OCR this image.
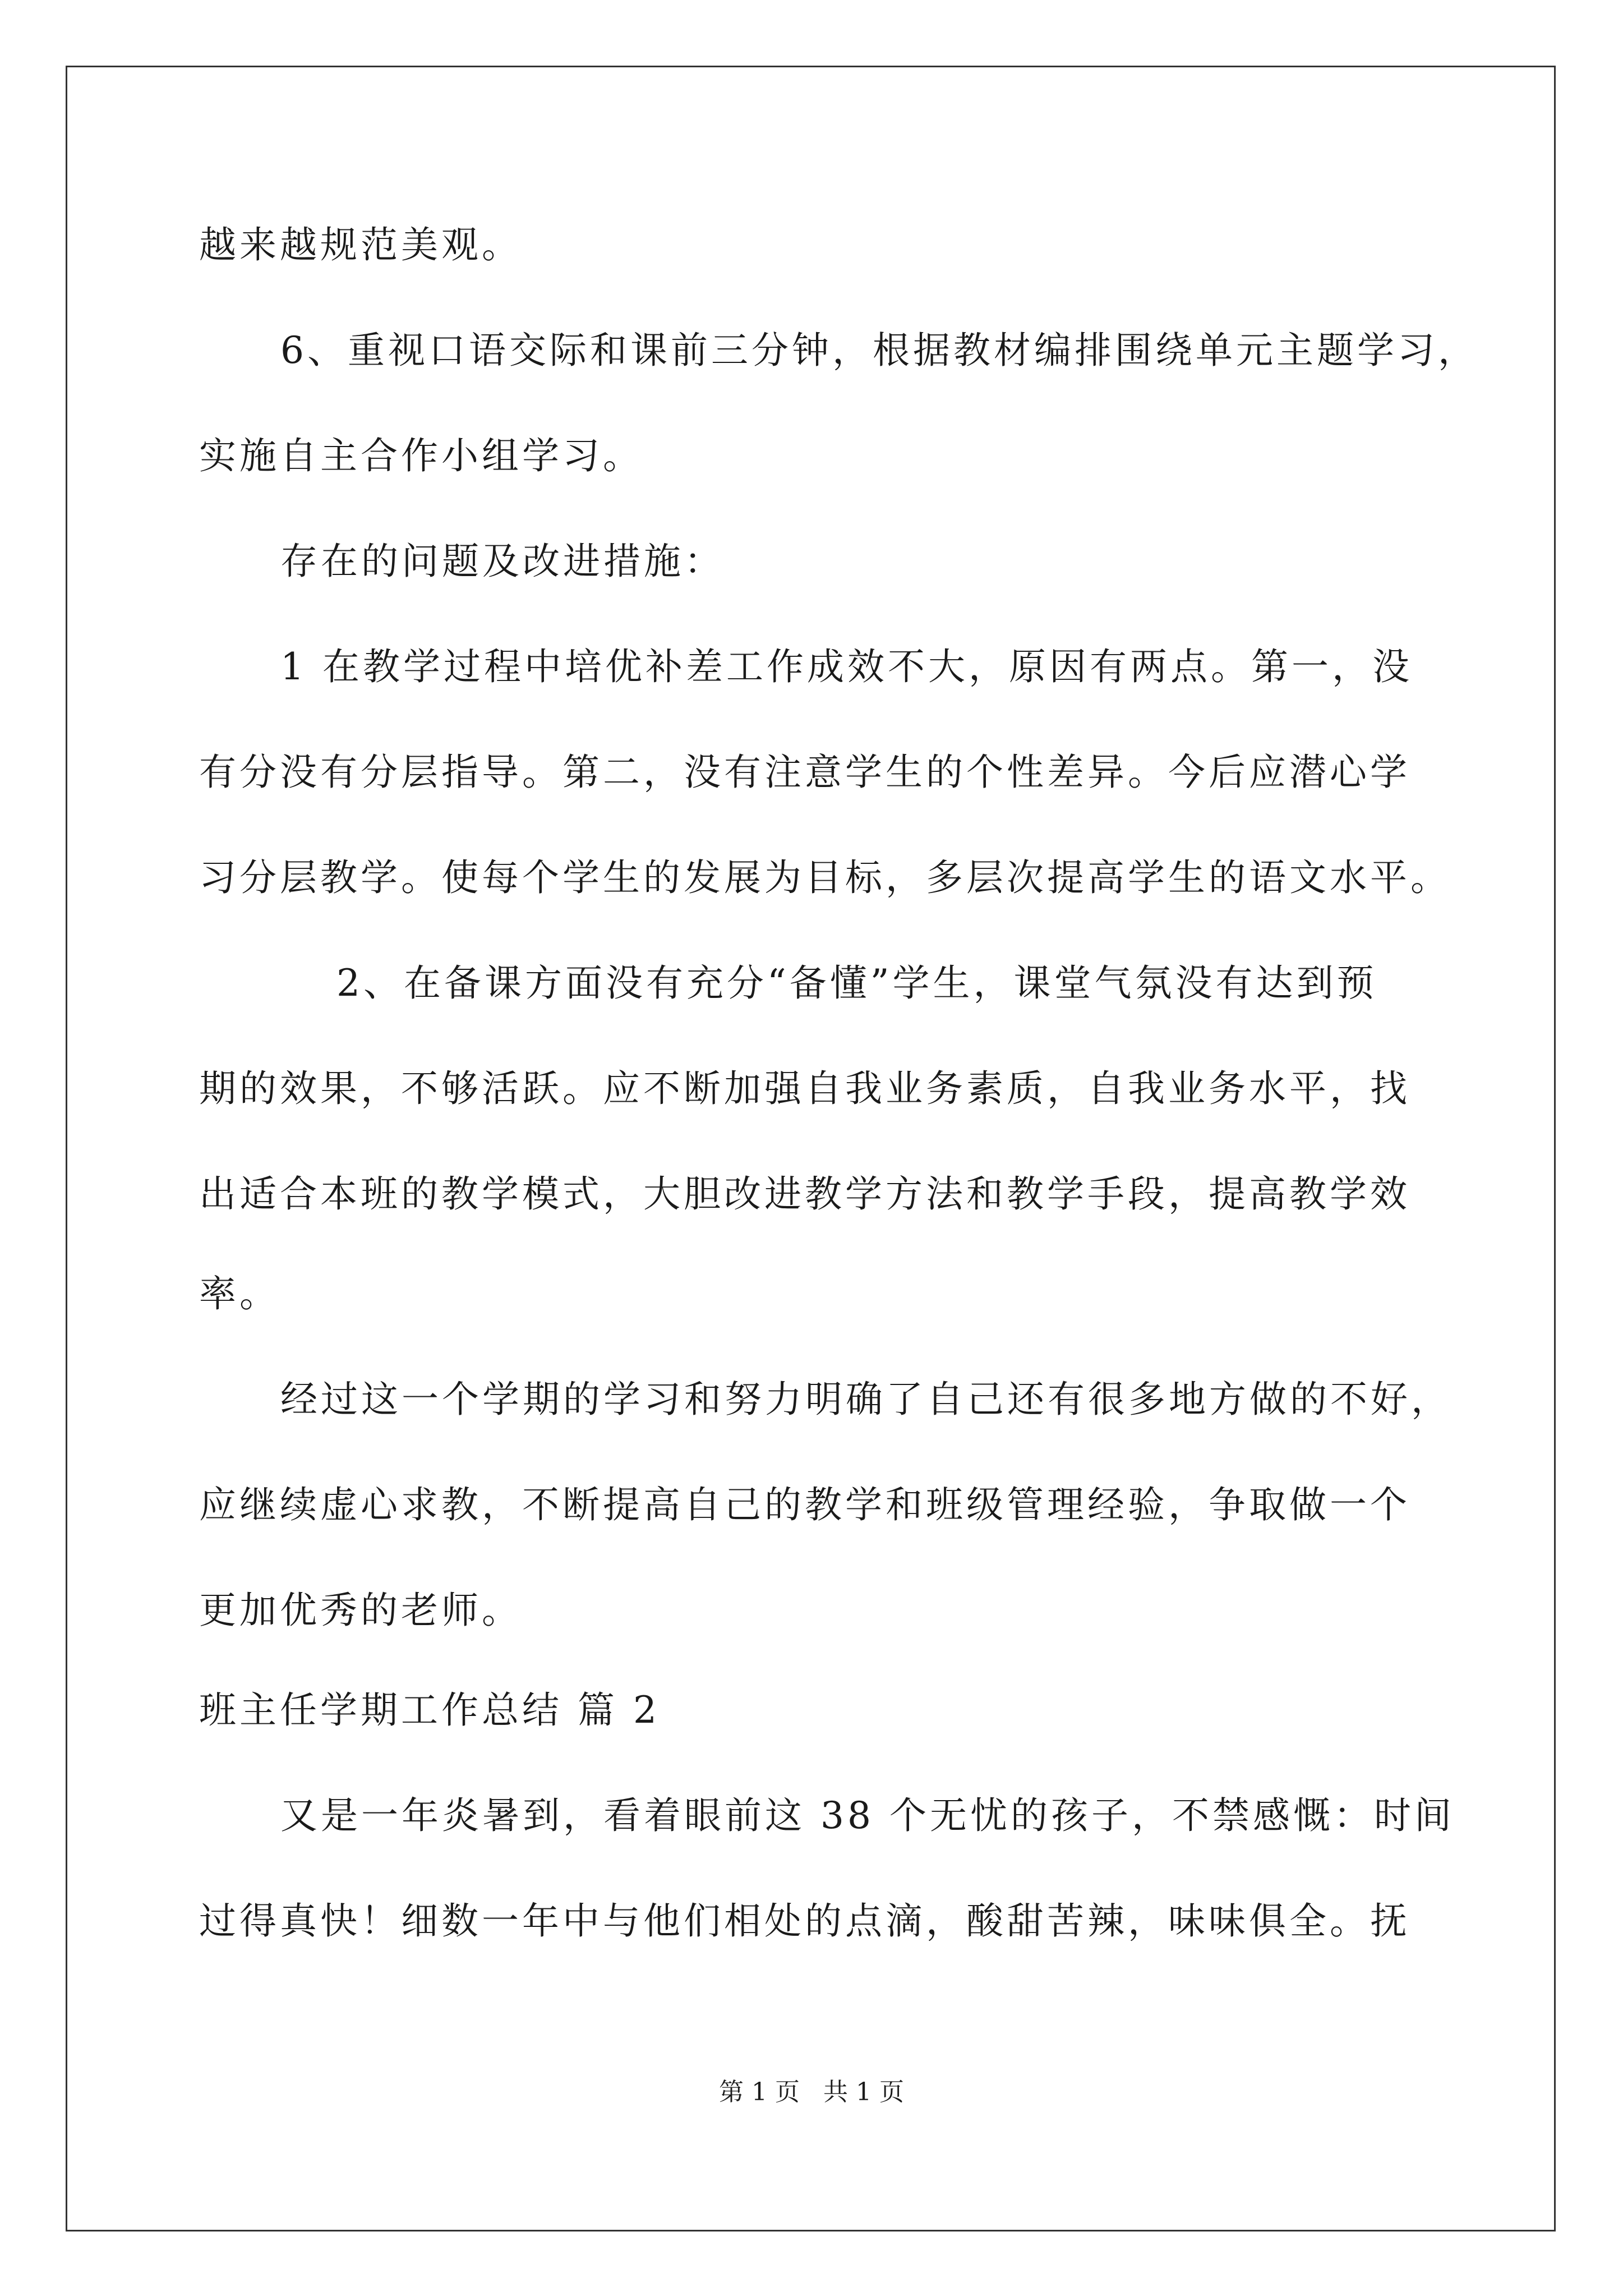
越来越规范美观。

6、重视口语交际和课前三分钟，根据教材编排围绕单元主题学习，

实施自主合作小组学习。

存在的问题及改进措施：

1 在教学过程中培优补差工作成效不大，原因有两点。第一，没

有分没有分层指导。第二，没有注意学生的个性差异。今后应潜心学

习分层教学。使每个学生的发展为目标，多层次提高学生的语文水平。

2、在备课方面没有充分“备懂”学生，课堂气氛没有达到预

期的效果，不够活跃。应不断加强自我业务素质，自我业务水平，找

出适合本班的教学模式，大胆改进教学方法和教学手段，提高教学效

率。

经过这一个学期的学习和努力明确了自己还有很多地方做的不好，

应继续虚心求教，不断提高自己的教学和班级管理经验，争取做一个

更加优秀的老师。

班主任学期工作总结 篇 2

又是一年炎暑到，看着眼前这 38 个无忧的孩子，不禁感慨：时间

过得真快！细数一年中与他们相处的点滴，酸甜苦辣，味味俱全。抚

第 1 页   共 1 页
